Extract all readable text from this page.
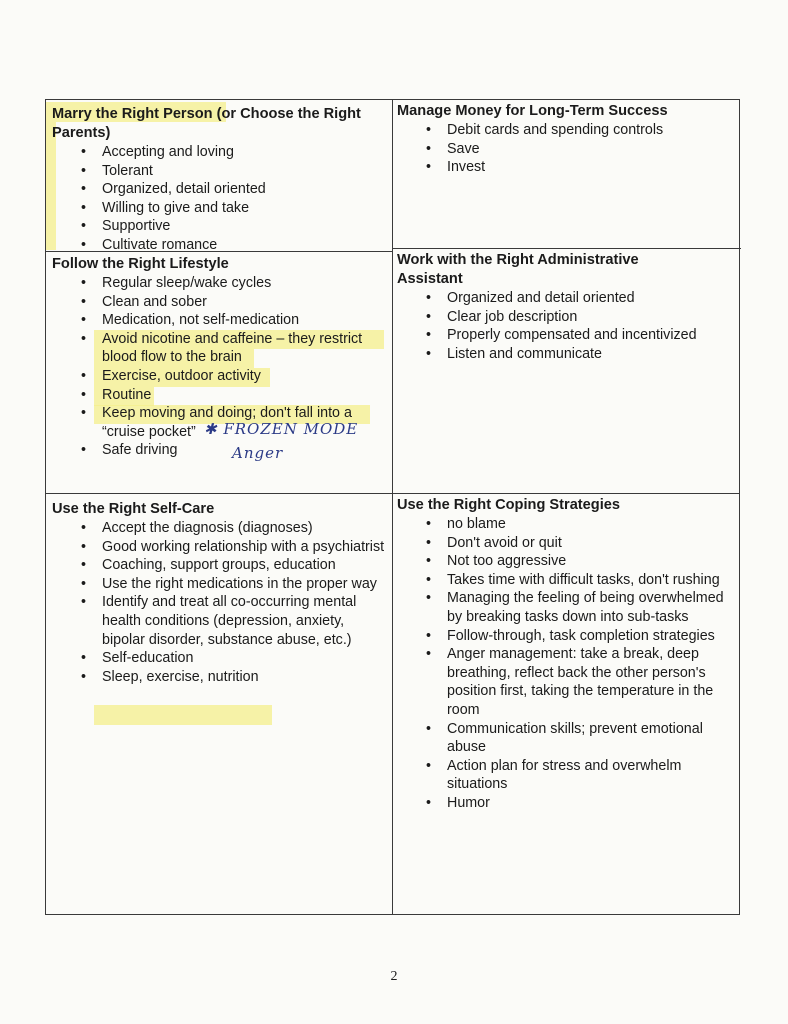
Marry the Right Person (or Choose the Right Parents)
• Accepting and loving
• Tolerant
• Organized, detail oriented
• Willing to give and take
• Supportive
• Cultivate romance
Manage Money for Long-Term Success
• Debit cards and spending controls
• Save
• Invest
Follow the Right Lifestyle
• Regular sleep/wake cycles
• Clean and sober
• Medication, not self-medication
• Avoid nicotine and caffeine – they restrict blood flow to the brain
• Exercise, outdoor activity
• Routine
• Keep moving and doing; don't fall into a “cruise pocket”
• Safe driving
✱ FROZEN MODE
Anger
Work with the Right Administrative Assistant
• Organized and detail oriented
• Clear job description
• Properly compensated and incentivized
• Listen and communicate
Use the Right Self-Care
• Accept the diagnosis (diagnoses)
• Good working relationship with a psychiatrist
• Coaching, support groups, education
• Use the right medications in the proper way
• Identify and treat all co-occurring mental health conditions (depression, anxiety, bipolar disorder, substance abuse, etc.)
• Self-education
• Sleep, exercise, nutrition
Use the Right Coping Strategies
• no blame
• Don't avoid or quit
• Not too aggressive
• Takes time with difficult tasks, don't rushing
• Managing the feeling of being overwhelmed by breaking tasks down into sub-tasks
• Follow-through, task completion strategies
• Anger management: take a break, deep breathing, reflect back the other person's position first, taking the temperature in the room
• Communication skills; prevent emotional abuse
• Action plan for stress and overwhelm situations
• Humor
2
